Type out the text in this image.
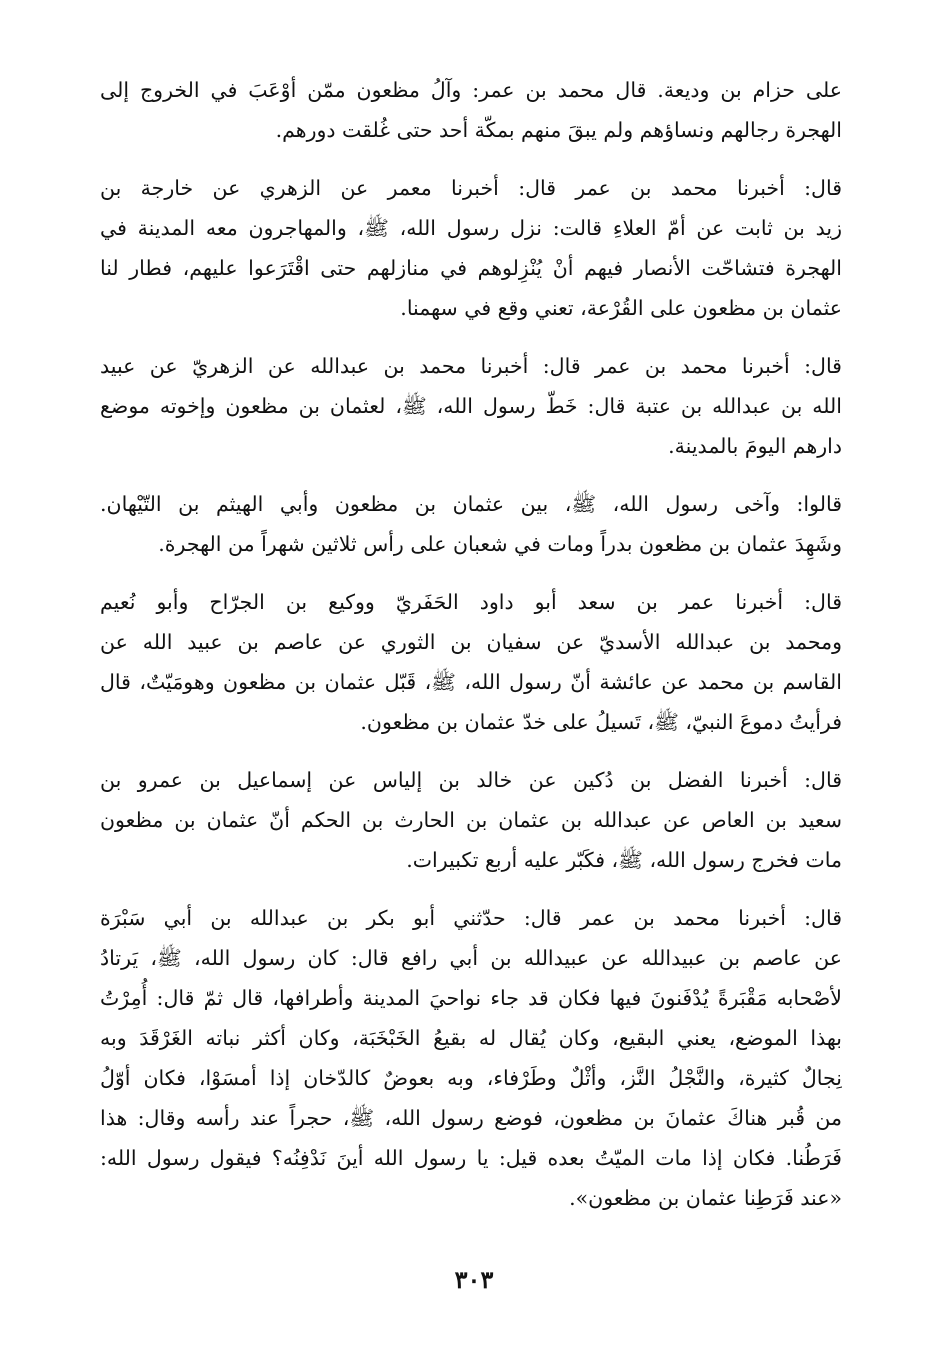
على حزام بن وديعة. قال محمد بن عمر: وآلُ مظعون ممّن أوْعَبَ في الخروج إلى
الهجرة رجالهم ونساؤهم ولم يبقَ منهم بمكّة أحد حتى غُلقت دورهم.
قال: أخبرنا محمد بن عمر قال: أخبرنا معمر عن الزهري عن خارجة بن
زيد بن ثابت عن أمّ العلاءِ قالت: نزل رسول الله، ﷺ، والمهاجرون معه المدينة في
الهجرة فتشاحّت الأنصار فيهم أنْ يُنْزِلوهم في منازلهم حتى اقْتَرَعوا عليهم، فطار لنا
عثمان بن مظعون على القُرْعة، تعني وقع في سهمنا.
قال: أخبرنا محمد بن عمر قال: أخبرنا محمد بن عبدالله عن الزهريّ عن عبيد
الله بن عبدالله بن عتبة قال: خَطّ رسول الله، ﷺ، لعثمان بن مظعون وإخوته موضع
دارهم اليومَ بالمدينة.
قالوا: وآخى رسول الله، ﷺ، بين عثمان بن مظعون وأبي الهيثم بن التّيْهان.
وشَهِدَ عثمان بن مظعون بدراً ومات في شعبان على رأس ثلاثين شهراً من الهجرة.
قال: أخبرنا عمر بن سعد أبو داود الحَفَريّ ووكيع بن الجرّاح وأبو نُعيم
ومحمد بن عبدالله الأسديّ عن سفيان بن الثوري عن عاصم بن عبيد الله عن
القاسم بن محمد عن عائشة أنّ رسول الله، ﷺ، قَبّل عثمان بن مظعون وهومَيّتٌ، قال
فرأيتُ دموعَ النبيّ، ﷺ، تَسيلُ على خدّ عثمان بن مظعون.
قال: أخبرنا الفضل بن دُكين عن خالد بن إلياس عن إسماعيل بن عمرو بن
سعيد بن العاص عن عبدالله بن عثمان بن الحارث بن الحكم أنّ عثمان بن مظعون
مات فخرج رسول الله، ﷺ، فكَبّر عليه أربع تكبيرات.
قال: أخبرنا محمد بن عمر قال: حدّثني أبو بكر بن عبدالله بن أبي سَبْرَة
عن عاصم بن عبيدالله عن عبيدالله بن أبي رافع قال: كان رسول الله، ﷺ، يَرتادُ
لأصْحابه مَقْبَرةً يُدْفَنونَ فيها فكان قد جاء نواحيَ المدينة وأطرافها، قال ثمّ قال: أُمِرْتُ
بهذا الموضع، يعني البقيع، وكان يُقال له بقيعُ الخَبْخَبَة، وكان أكثر نباته الغَرْقَدَ وبه
نِجالٌ كثيرة، والنَّجْلُ النَّز، وأثْلٌ وطَرْفاء، وبه بعوضٌ كالدّخان إذا أمسَوْا، فكان أوّلُ
من قُبر هناكَ عثمانَ بن مظعون، فوضع رسول الله، ﷺ، حجراً عند رأسه وقال: هذا
فَرَطُنا. فكان إذا مات الميّتُ بعده قيل: يا رسول الله أينَ نَدْفِنُه؟ فيقول رسول الله:
«عند فَرَطِنا عثمان بن مظعون».
٣٠٣
